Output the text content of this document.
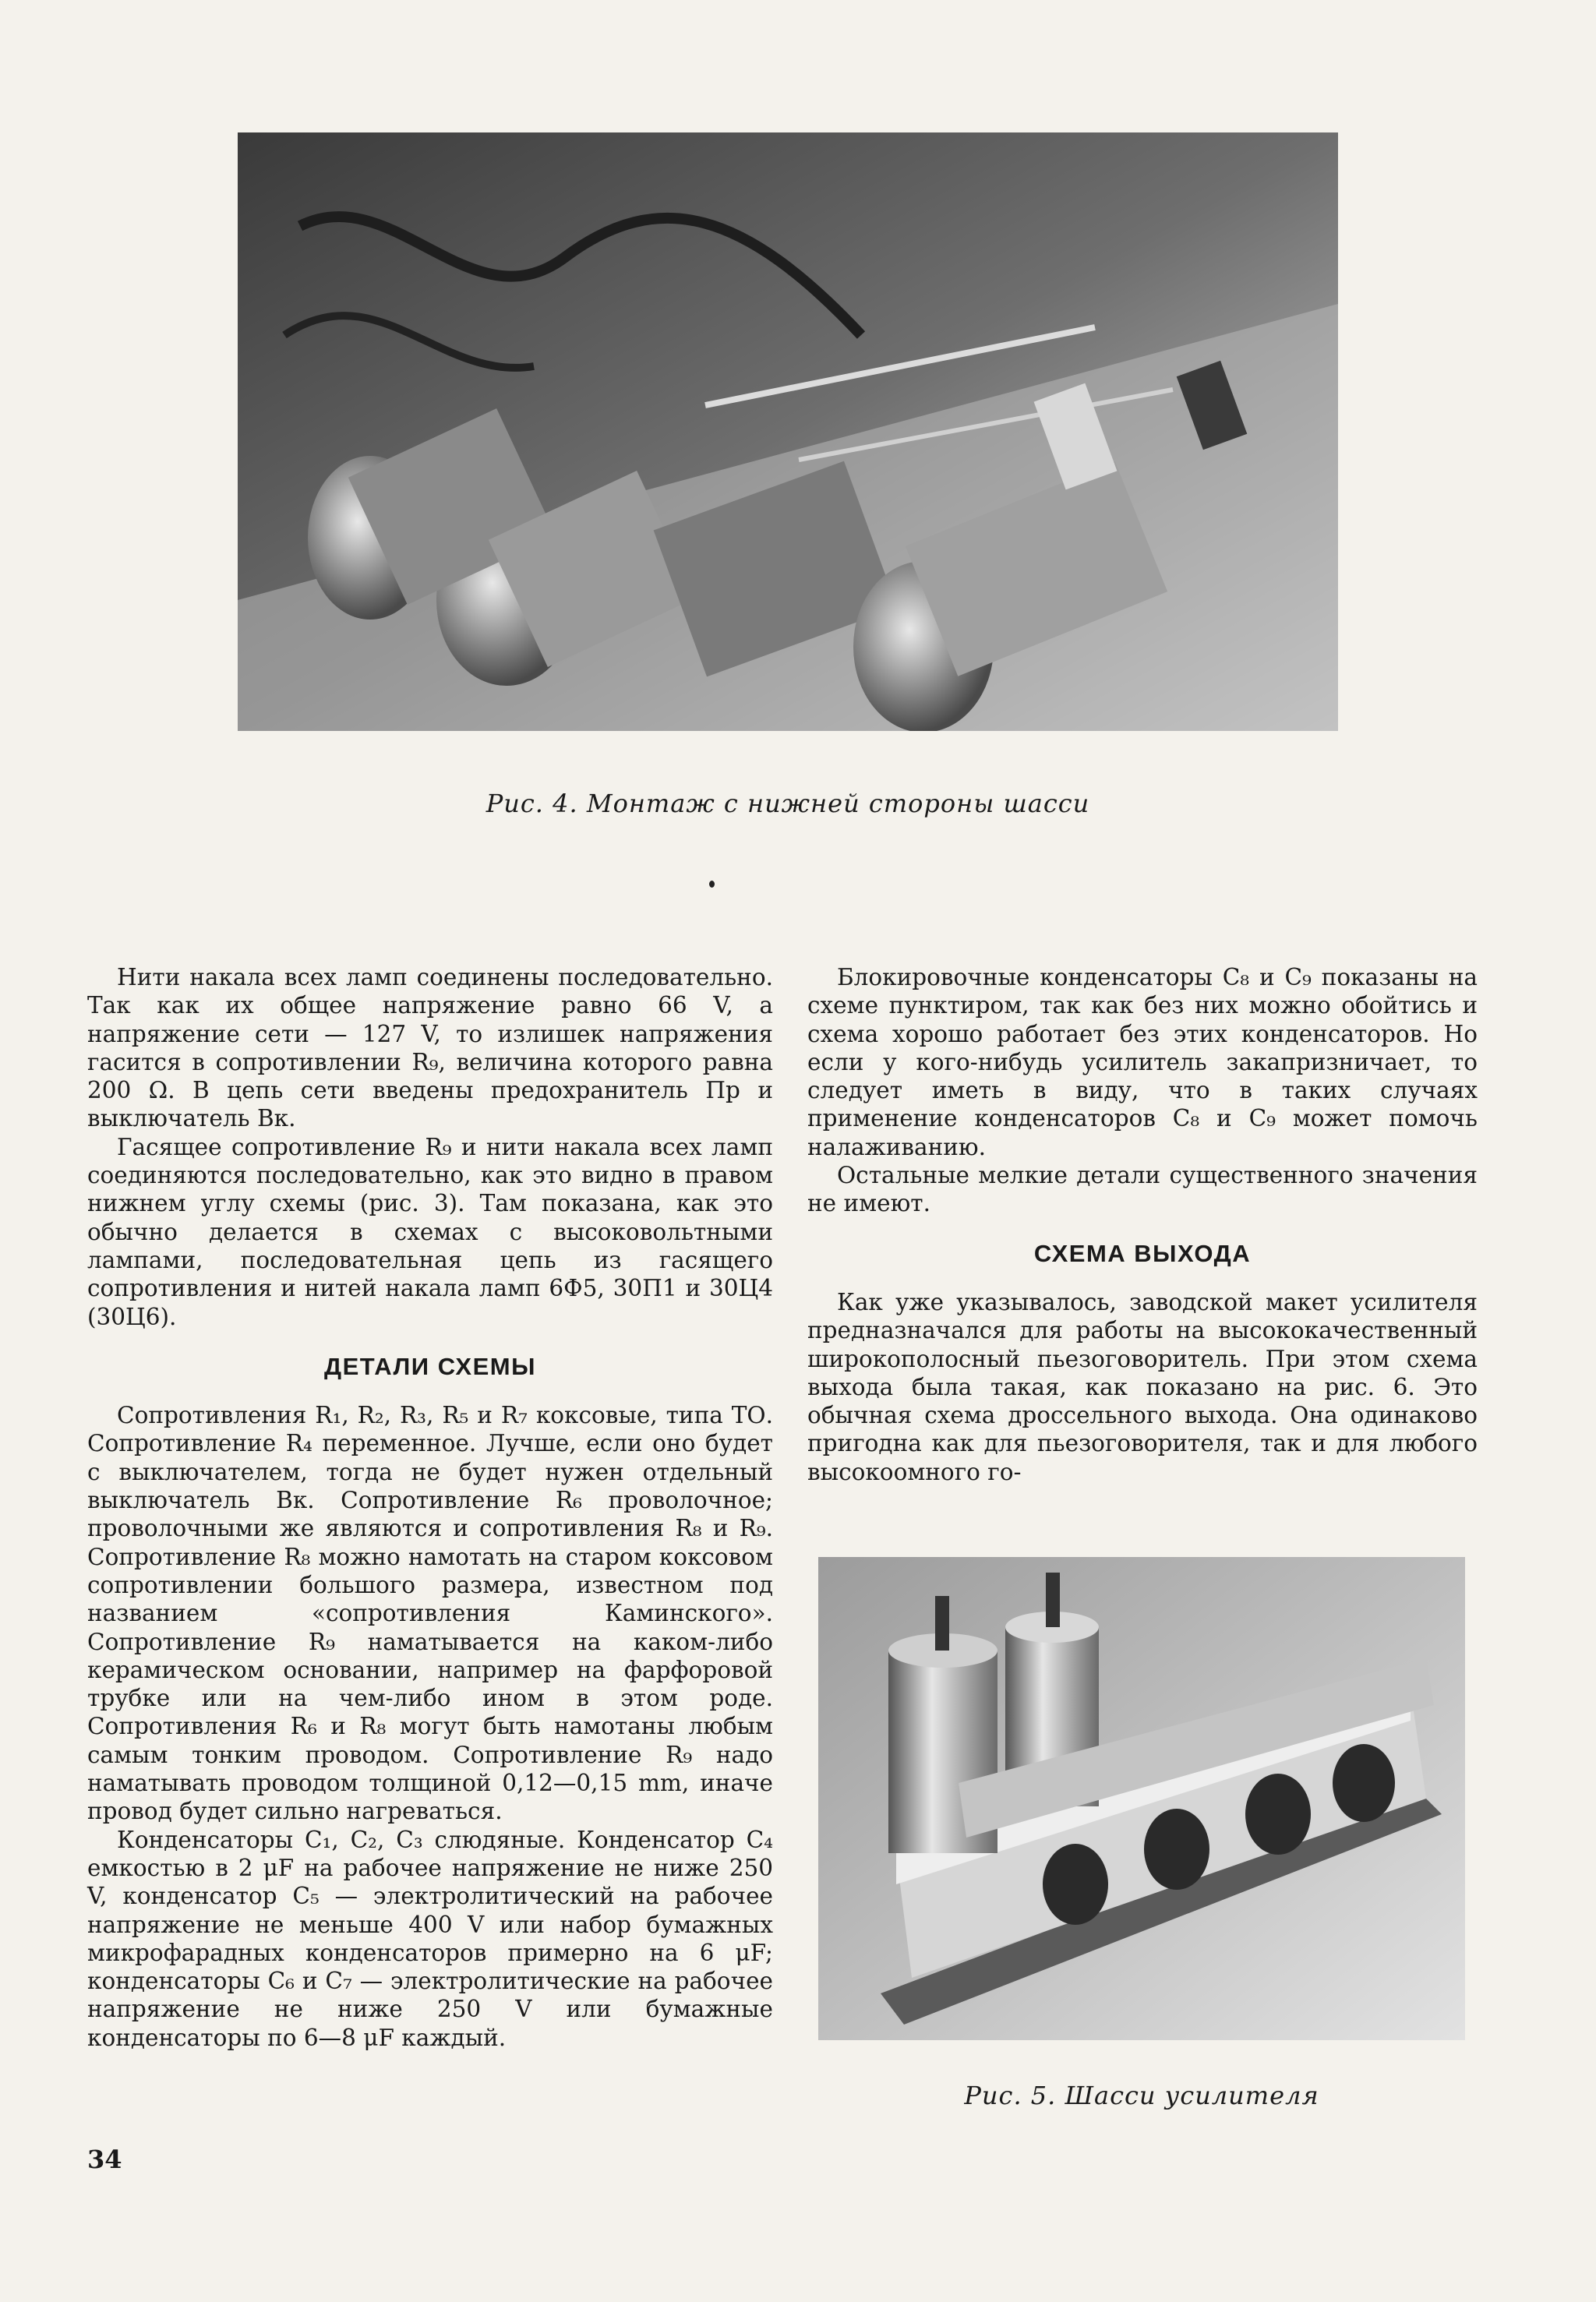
Рис. 4. Монтаж с нижней стороны шасси

Нити накала всех ламп соединены последовательно. Так как их общее напряжение равно 66 V, а напряжение сети — 127 V, то излишек напряжения гасится в сопротивлении R₉, величина которого равна 200 Ω. В цепь сети введены предохранитель Пр и выключатель Вк.

Гасящее сопротивление R₉ и нити накала всех ламп соединяются последовательно, как это видно в правом нижнем углу схемы (рис. 3). Там показана, как это обычно делается в схемах с высоковольтными лампами, последовательная цепь из гасящего сопротивления и нитей накала ламп 6Ф5, 30П1 и 30Ц4 (30Ц6).

ДЕТАЛИ СХЕМЫ

Сопротивления R₁, R₂, R₃, R₅ и R₇ коксовые, типа ТО. Сопротивление R₄ переменное. Лучше, если оно будет с выключателем, тогда не будет нужен отдельный выключатель Вк. Сопротивление R₆ проволочное; проволочными же являются и сопротивления R₈ и R₉. Сопротивление R₈ можно намотать на старом коксовом сопротивлении большого размера, известном под названием «сопротивления Каминского». Сопротивление R₉ наматывается на каком-либо керамическом основании, например на фарфоровой трубке или на чем-либо ином в этом роде. Сопротивления R₆ и R₈ могут быть намотаны любым самым тонким проводом. Сопротивление R₉ надо наматывать проводом толщиной 0,12—0,15 mm, иначе провод будет сильно нагреваться.

Конденсаторы C₁, C₂, C₃ слюдяные. Конденсатор C₄ емкостью в 2 μF на рабочее напряжение не ниже 250 V, конденсатор C₅ — электролитический на рабочее напряжение не меньше 400 V или набор бумажных микрофарадных конденсаторов примерно на 6 μF; конденсаторы C₆ и C₇ — электролитические на рабочее напряжение не ниже 250 V или бумажные конденсаторы по 6—8 μF каждый.

Блокировочные конденсаторы C₈ и C₉ показаны на схеме пунктиром, так как без них можно обойтись и схема хорошо работает без этих конденсаторов. Но если у кого-нибудь усилитель закапризничает, то следует иметь в виду, что в таких случаях применение конденсаторов C₈ и C₉ может помочь налаживанию.

Остальные мелкие детали существенного значения не имеют.

СХЕМА ВЫХОДА

Как уже указывалось, заводской макет усилителя предназначался для работы на высококачественный широкополосный пьезоговоритель. При этом схема выхода была такая, как показано на рис. 6. Это обычная схема дроссельного выхода. Она одинаково пригодна как для пьезоговорителя, так и для любого высокоомного го-

Рис. 5. Шасси усилителя
34
